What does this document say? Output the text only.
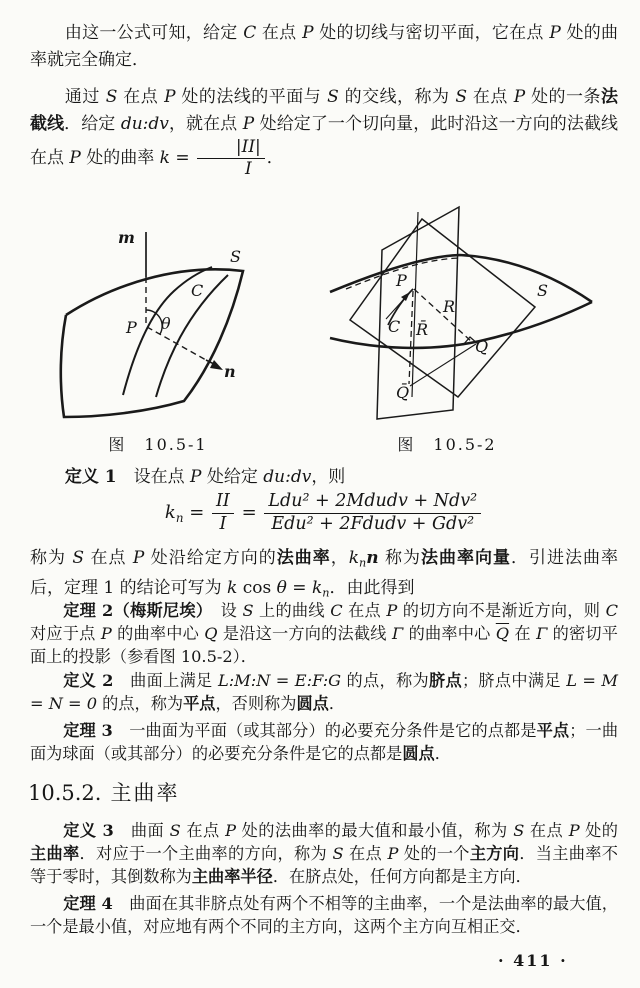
由这一公式可知，给定 C 在点 P 处的切线与密切平面，它在点 P 处的曲率就完全确定．

通过 S 在点 P 处的法线的平面与 S 的交线，称为 S 在点 P 处的一条法截线．给定 du:dv，就在点 P 处给定了一个切向量，此时沿这一方向的法截线在点 P 处的曲率 $k = \frac{|II|}{I}$ ．

m
S
C
P θ
n
P
R
R̄
C
Q
Q̄
S
图　10.5-1	图　10.5-2

定义 1　设在点 P 处给定 du:dv，则

$k_n = \frac{II}{I} = \frac{\text{Ldu² + 2Mdudv + Ndv²}}{\text{Edu² + 2Fdudv + Gdv²}}$

称为 S 在点 P 处沿给定方向的法曲率，$k_nn$ 称为法曲率向量．引进法曲率后，定理 1 的结论可写为 k $\cos \theta = k_n$．由此得到

定理 2（梅斯尼埃）　设 S 上的曲线 C 在点 P 的切方向不是渐近方向，则 C 对应于点 P 的曲率中心 Q 是沿这一方向的法截线 Γ 的曲率中心 $\overline{Q}$ 在 Γ 的密切平面上的投影（参看图 10.5-2）．

定义 2　曲面上满足 L:M:N = E:F:G 的点，称为脐点；脐点中满足 L = M = N = 0 的点，称为平点，否则称为圆点．

定理 3　一曲面为平面（或其部分）的必要充分条件是它的点都是平点；一曲面为球面（或其部分）的必要充分条件是它的点都是圆点．

10.5.2. 主曲率

定义 3　曲面 S 在点 P 处的法曲率的最大值和最小值，称为 S 在点 P 处的主曲率．对应于一个主曲率的方向，称为 S 在点 P 处的一个主方向．当主曲率不等于零时，其倒数称为主曲率半径．在脐点处，任何方向都是主方向．

定理 4　曲面在其非脐点处有两个不相等的主曲率，一个是法曲率的最大值，一个是最小值，对应地有两个不同的主方向，这两个主方向互相正交．

· 411 ·
